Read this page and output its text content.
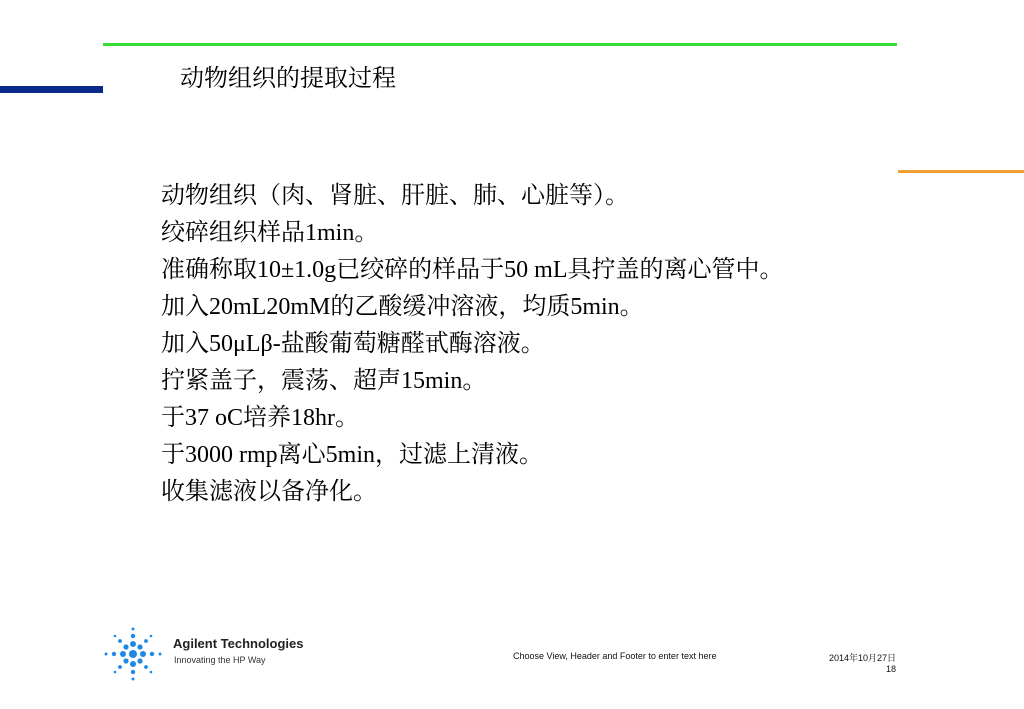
动物组织的提取过程
动物组织（肉、肾脏、肝脏、肺、心脏等）。
绞碎组织样品1min。
准确称取10±1.0g已绞碎的样品于50 mL具拧盖的离心管中。
加入20mL20mM的乙酸缓冲溶液，均质5min。
加入50μLβ-盐酸葡萄糖醛甙酶溶液。
拧紧盖子，震荡、超声15min。
于37 oC培养18hr。
于3000 rmp离心5min，过滤上清液。
收集滤液以备净化。
Agilent Technologies
Innovating the HP Way	Choose View, Header and Footer to enter text here	2014年10月27日
18
